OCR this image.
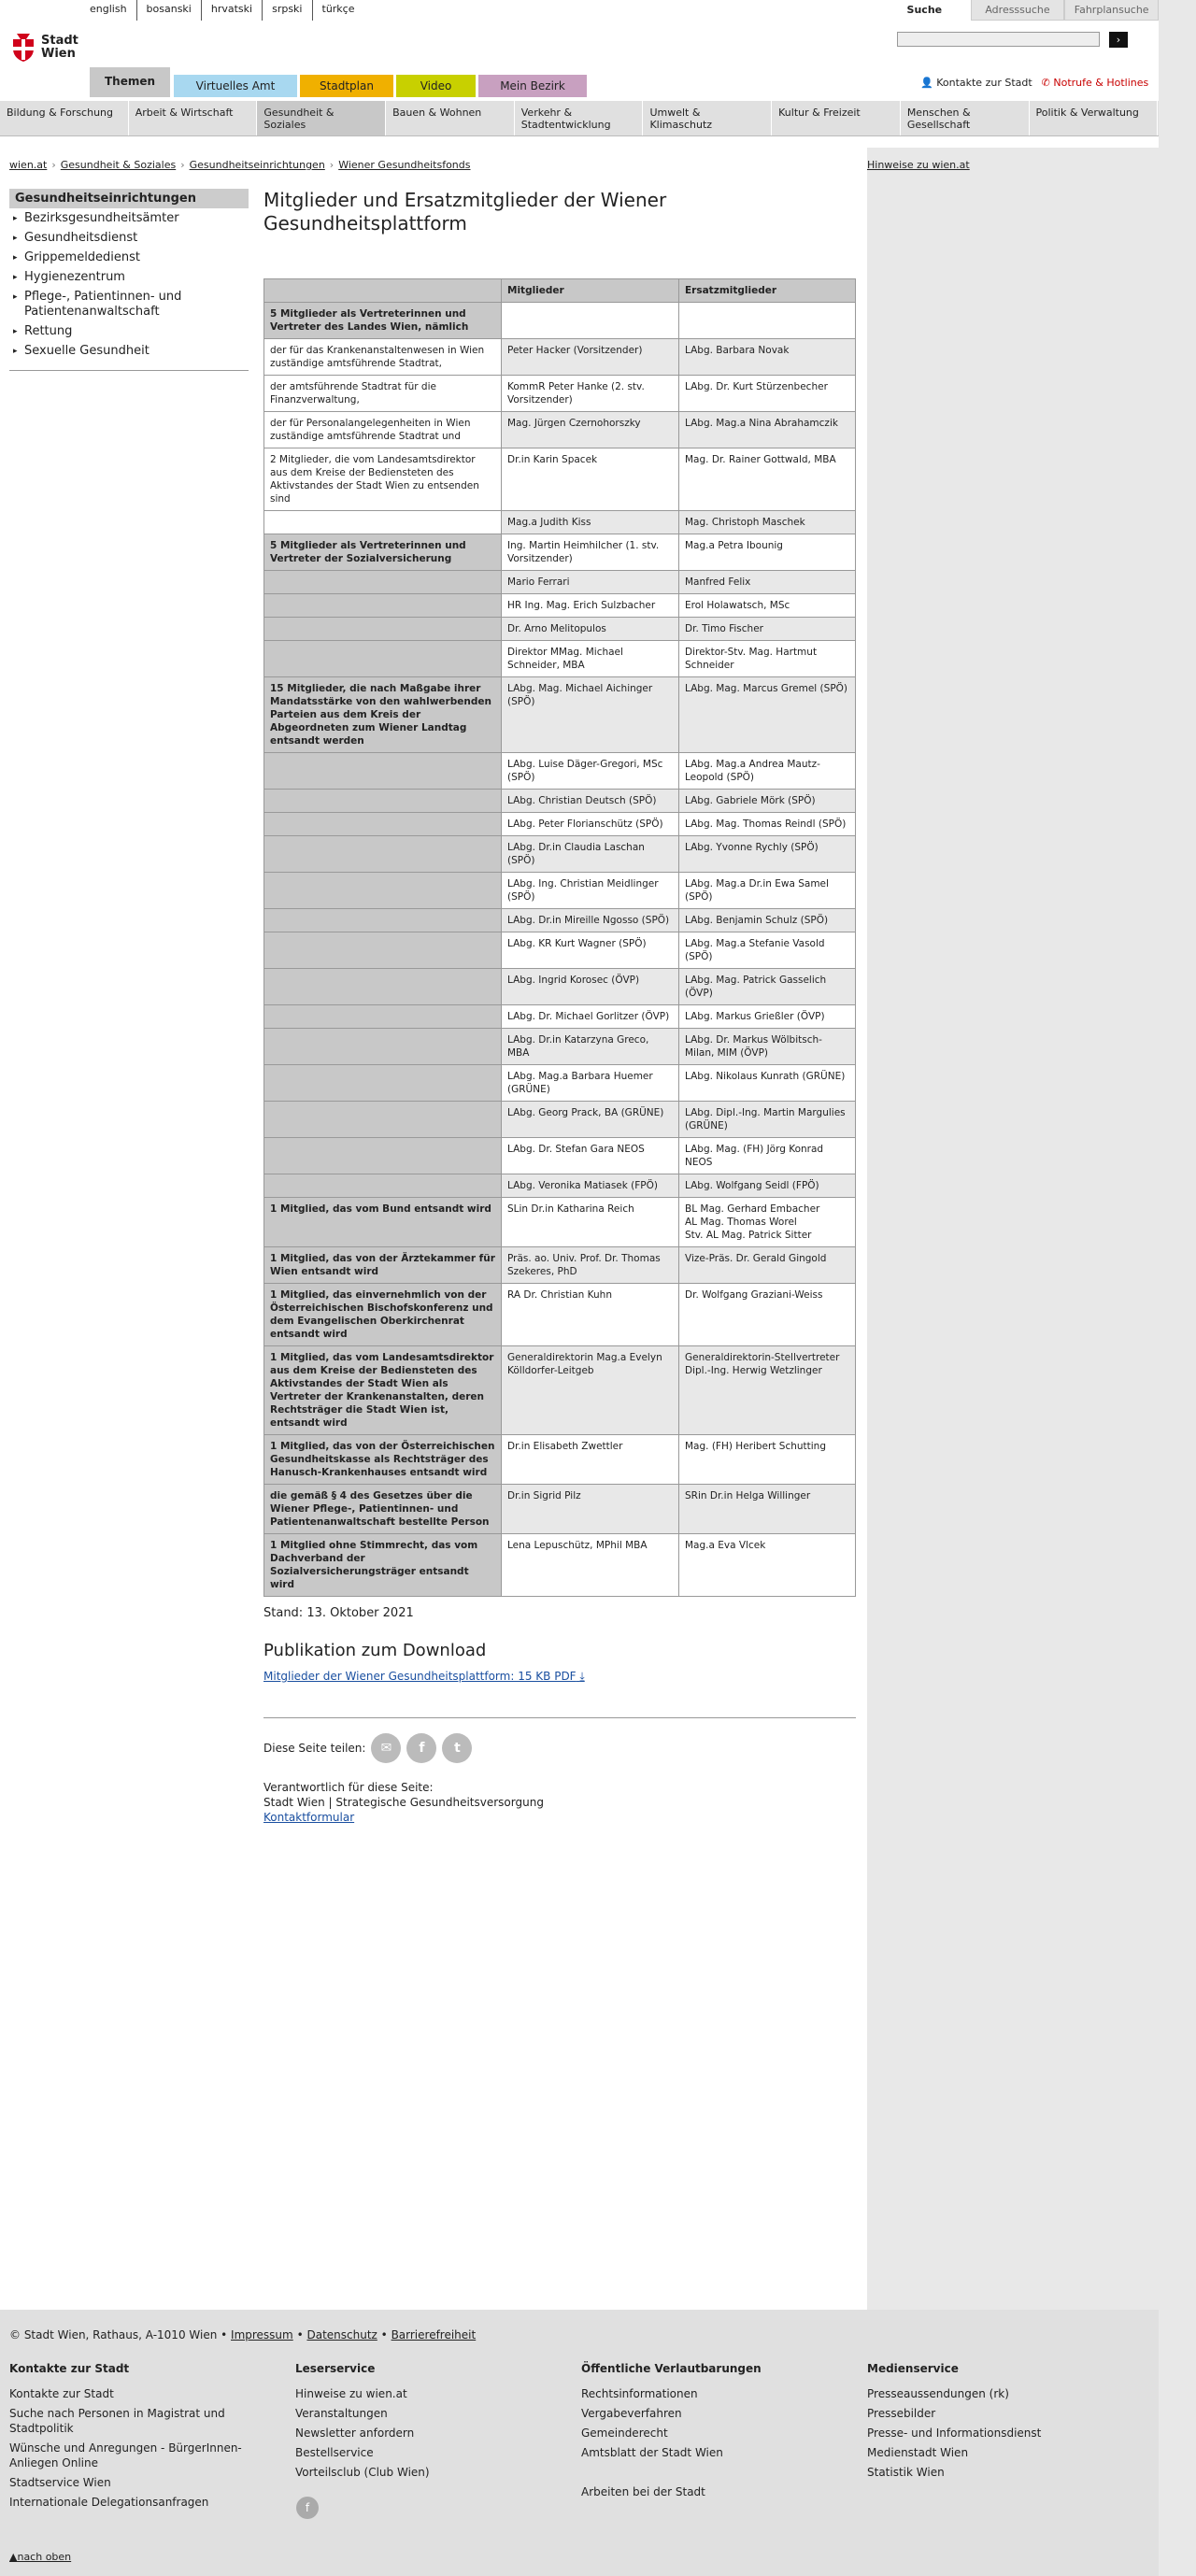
english	bosanski	hrvatski	srpski	türkçe
Stadt
Wien
Suche	Adresssuche	Fahrplansuche
›
Themen	Virtuelles Amt	Stadtplan	Video	Mein Bezirk	👤 Kontakte zur Stadt ✆ Notrufe & Hotlines
Bildung & Forschung	Arbeit & Wirtschaft	Gesundheit & Soziales
Bauen & Wohnen	Verkehr & Stadtentwicklung
Umwelt & Klimaschutz
Kultur & Freizeit	Menschen & Gesellschaft
Politik & Verwaltung
wien.at › Gesundheit & Soziales › Gesundheitseinrichtungen › Wiener Gesundheitsfonds	Hinweise zu wien.at
Gesundheitseinrichtungen
▸ Bezirksgesundheitsämter
▸ Gesundheitsdienst
▸ Grippemeldedienst
▸ Hygienezentrum
▸ Pflege-, Patientinnen- und Patientenanwaltschaft
▸ Rettung
▸ Sexuelle Gesundheit
Mitglieder und Ersatzmitglieder der Wiener Gesundheitsplattform
	Mitglieder	Ersatzmitglieder
5 Mitglieder als Vertreterinnen und Vertreter des Landes Wien, nämlich		
der für das Krankenanstaltenwesen in Wien zuständige amtsführende Stadtrat,	Peter Hacker (Vorsitzender)	LAbg. Barbara Novak
der amtsführende Stadtrat für die Finanzverwaltung,	KommR Peter Hanke (2. stv. Vorsitzender)	LAbg. Dr. Kurt Stürzenbecher
der für Personalangelegenheiten in Wien zuständige amtsführende Stadtrat und	Mag. Jürgen Czernohorszky	LAbg. Mag.a Nina Abrahamczik
2 Mitglieder, die vom Landesamtsdirektor aus dem Kreise der Bediensteten des Aktivstandes der Stadt Wien zu entsenden sind	Dr.in Karin Spacek	Mag. Dr. Rainer Gottwald, MBA
	Mag.a Judith Kiss	Mag. Christoph Maschek
5 Mitglieder als Vertreterinnen und Vertreter der Sozialversicherung	Ing. Martin Heimhilcher (1. stv. Vorsitzender)	Mag.a Petra Ibounig
	Mario Ferrari	Manfred Felix
	HR Ing. Mag. Erich Sulzbacher	Erol Holawatsch, MSc
	Dr. Arno Melitopulos	Dr. Timo Fischer
	Direktor MMag. Michael Schneider, MBA	Direktor-Stv. Mag. Hartmut Schneider
15 Mitglieder, die nach Maßgabe ihrer Mandatsstärke von den wahlwerbenden Parteien aus dem Kreis der Abgeordneten zum Wiener Landtag entsandt werden	LAbg. Mag. Michael Aichinger (SPÖ)	LAbg. Mag. Marcus Gremel (SPÖ)
	LAbg. Luise Däger-Gregori, MSc (SPÖ)	LAbg. Mag.a Andrea Mautz-Leopold (SPÖ)
	LAbg. Christian Deutsch (SPÖ)	LAbg. Gabriele Mörk (SPÖ)
	LAbg. Peter Florianschütz (SPÖ)	LAbg. Mag. Thomas Reindl (SPÖ)
	LAbg. Dr.in Claudia Laschan (SPÖ)	LAbg. Yvonne Rychly (SPÖ)
	LAbg. Ing. Christian Meidlinger (SPÖ)	LAbg. Mag.a Dr.in Ewa Samel (SPÖ)
	LAbg. Dr.in Mireille Ngosso (SPÖ)	LAbg. Benjamin Schulz (SPÖ)
	LAbg. KR Kurt Wagner (SPÖ)	LAbg. Mag.a Stefanie Vasold (SPÖ)
	LAbg. Ingrid Korosec (ÖVP)	LAbg. Mag. Patrick Gasselich (ÖVP)
	LAbg. Dr. Michael Gorlitzer (ÖVP)	LAbg. Markus Grießler (ÖVP)
	LAbg. Dr.in Katarzyna Greco, MBA	LAbg. Dr. Markus Wölbitsch-Milan, MIM (ÖVP)
	LAbg. Mag.a Barbara Huemer (GRÜNE)	LAbg. Nikolaus Kunrath (GRÜNE)
	LAbg. Georg Prack, BA (GRÜNE)	LAbg. Dipl.-Ing. Martin Margulies (GRÜNE)
	LAbg. Dr. Stefan Gara NEOS	LAbg. Mag. (FH) Jörg Konrad NEOS
	LAbg. Veronika Matiasek (FPÖ)	LAbg. Wolfgang Seidl (FPÖ)
1 Mitglied, das vom Bund entsandt wird	SLin Dr.in Katharina Reich	BL Mag. Gerhard Embacher
AL Mag. Thomas Worel
Stv. AL Mag. Patrick Sitter
1 Mitglied, das von der Ärztekammer für Wien entsandt wird	Präs. ao. Univ. Prof. Dr. Thomas Szekeres, PhD	Vize-Präs. Dr. Gerald Gingold
1 Mitglied, das einvernehmlich von der Österreichischen Bischofskonferenz und dem Evangelischen Oberkirchenrat entsandt wird	RA Dr. Christian Kuhn	Dr. Wolfgang Graziani-Weiss
1 Mitglied, das vom Landesamtsdirektor aus dem Kreise der Bediensteten des Aktivstandes der Stadt Wien als Vertreter der Krankenanstalten, deren Rechtsträger die Stadt Wien ist, entsandt wird	Generaldirektorin Mag.a Evelyn Kölldorfer-Leitgeb	Generaldirektorin-Stellvertreter Dipl.-Ing. Herwig Wetzlinger
1 Mitglied, das von der Österreichischen Gesundheitskasse als Rechtsträger des Hanusch-Krankenhauses entsandt wird	Dr.in Elisabeth Zwettler	Mag. (FH) Heribert Schutting
die gemäß § 4 des Gesetzes über die Wiener Pflege-, Patientinnen- und Patientenanwaltschaft bestellte Person	Dr.in Sigrid Pilz	SRin Dr.in Helga Willinger
1 Mitglied ohne Stimmrecht, das vom Dachverband der Sozialversicherungsträger entsandt wird	Lena Lepuschütz, MPhil MBA	Mag.a Eva Vlcek
Stand: 13. Oktober 2021
Publikation zum Download
Mitglieder der Wiener Gesundheitsplattform: 15 KB PDF ⤓
Diese Seite teilen:	✉	f	t
Verantwortlich für diese Seite:
Stadt Wien | Strategische Gesundheitsversorgung
Kontaktformular
© Stadt Wien, Rathaus, A-1010 Wien • Impressum • Datenschutz • Barrierefreiheit
Kontakte zur Stadt
Kontakte zur Stadt
Suche nach Personen in Magistrat und Stadtpolitik
Wünsche und Anregungen - BürgerInnen-Anliegen Online
Stadtservice Wien
Internationale Delegationsanfragen
Leserservice
Hinweise zu wien.at
Veranstaltungen
Newsletter anfordern
Bestellservice
Vorteilsclub (Club Wien)
Öffentliche Verlautbarungen
Rechtsinformationen
Vergabeverfahren
Gemeinderecht
Amtsblatt der Stadt Wien
Arbeiten bei der Stadt
Medienservice
Presseaussendungen (rk)
Pressebilder
Presse- und Informationsdienst
Medienstadt Wien
Statistik Wien
f
▲nach oben
